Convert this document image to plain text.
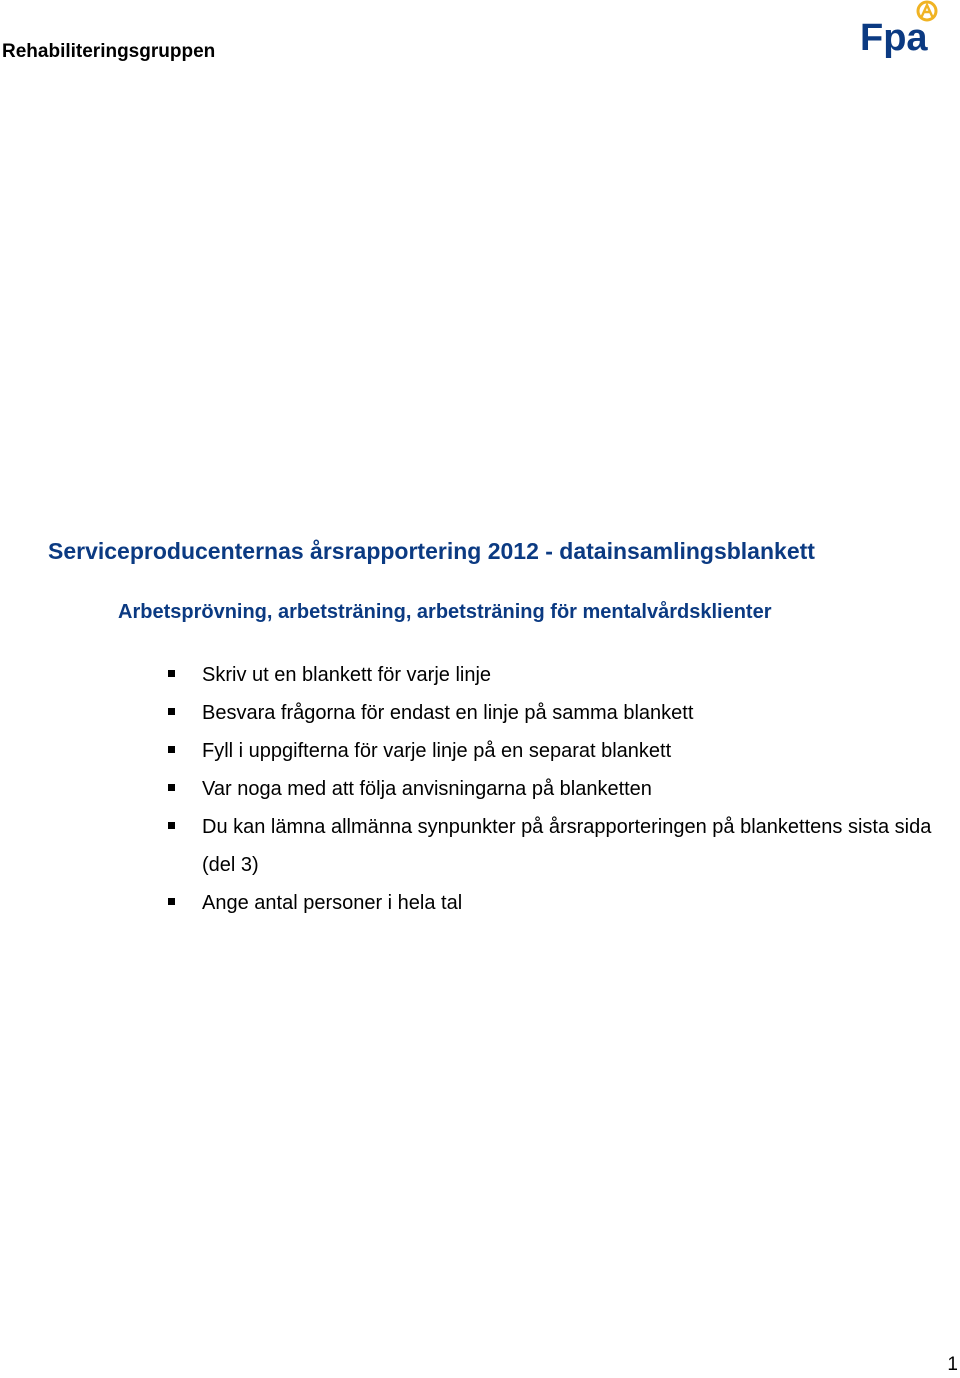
Rehabiliteringsgruppen	Fpa
Serviceproducenternas årsrapportering 2012 - datainsamlingsblankett
Arbetsprövning, arbetsträning, arbetsträning för mentalvårdsklienter
Skriv ut en blankett för varje linje
Besvara frågorna för endast en linje på samma blankett
Fyll i uppgifterna för varje linje på en separat blankett
Var noga med att följa anvisningarna på blanketten
Du kan lämna allmänna synpunkter på årsrapporteringen på blankettens sista sida (del 3)
Ange antal personer i hela tal
1
